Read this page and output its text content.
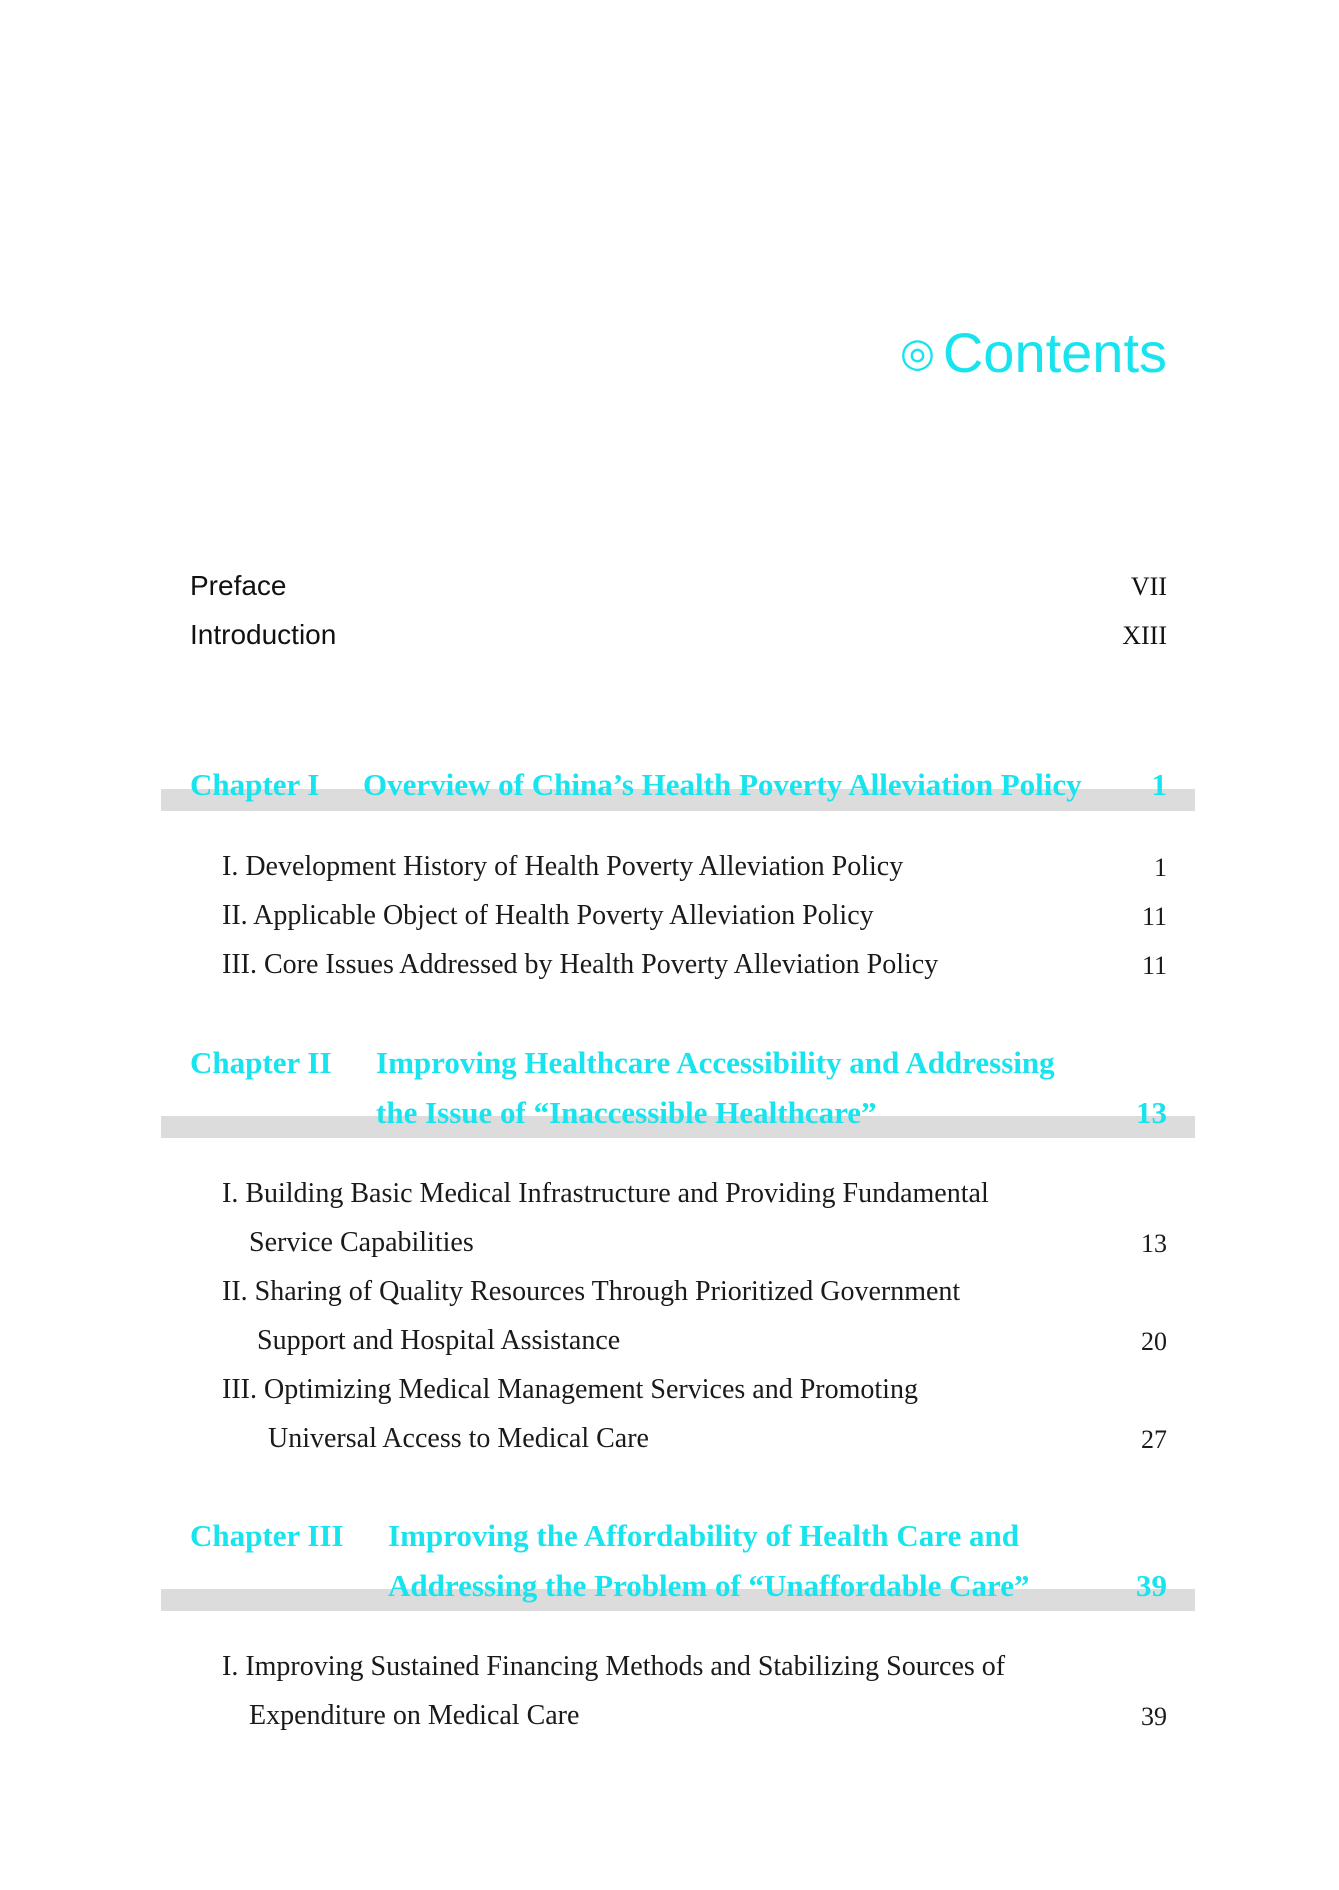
◎ Contents
Preface	VII
Introduction	XIII
Chapter I Overview of China’s Health Poverty Alleviation Policy 1
I. Development History of Health Poverty Alleviation Policy	1
II. Applicable Object of Health Poverty Alleviation Policy	11
III. Core Issues Addressed by Health Poverty Alleviation Policy	11
Chapter II Improving Healthcare Accessibility and Addressing
the Issue of “Inaccessible Healthcare”	13
I. Building Basic Medical Infrastructure and Providing Fundamental
Service Capabilities	13
II. Sharing of Quality Resources Through Prioritized Government
Support and Hospital Assistance	20
III. Optimizing Medical Management Services and Promoting
Universal Access to Medical Care	27
Chapter III Improving the Affordability of Health Care and
Addressing the Problem of “Unaffordable Care”	39
I. Improving Sustained Financing Methods and Stabilizing Sources of
Expenditure on Medical Care	39
